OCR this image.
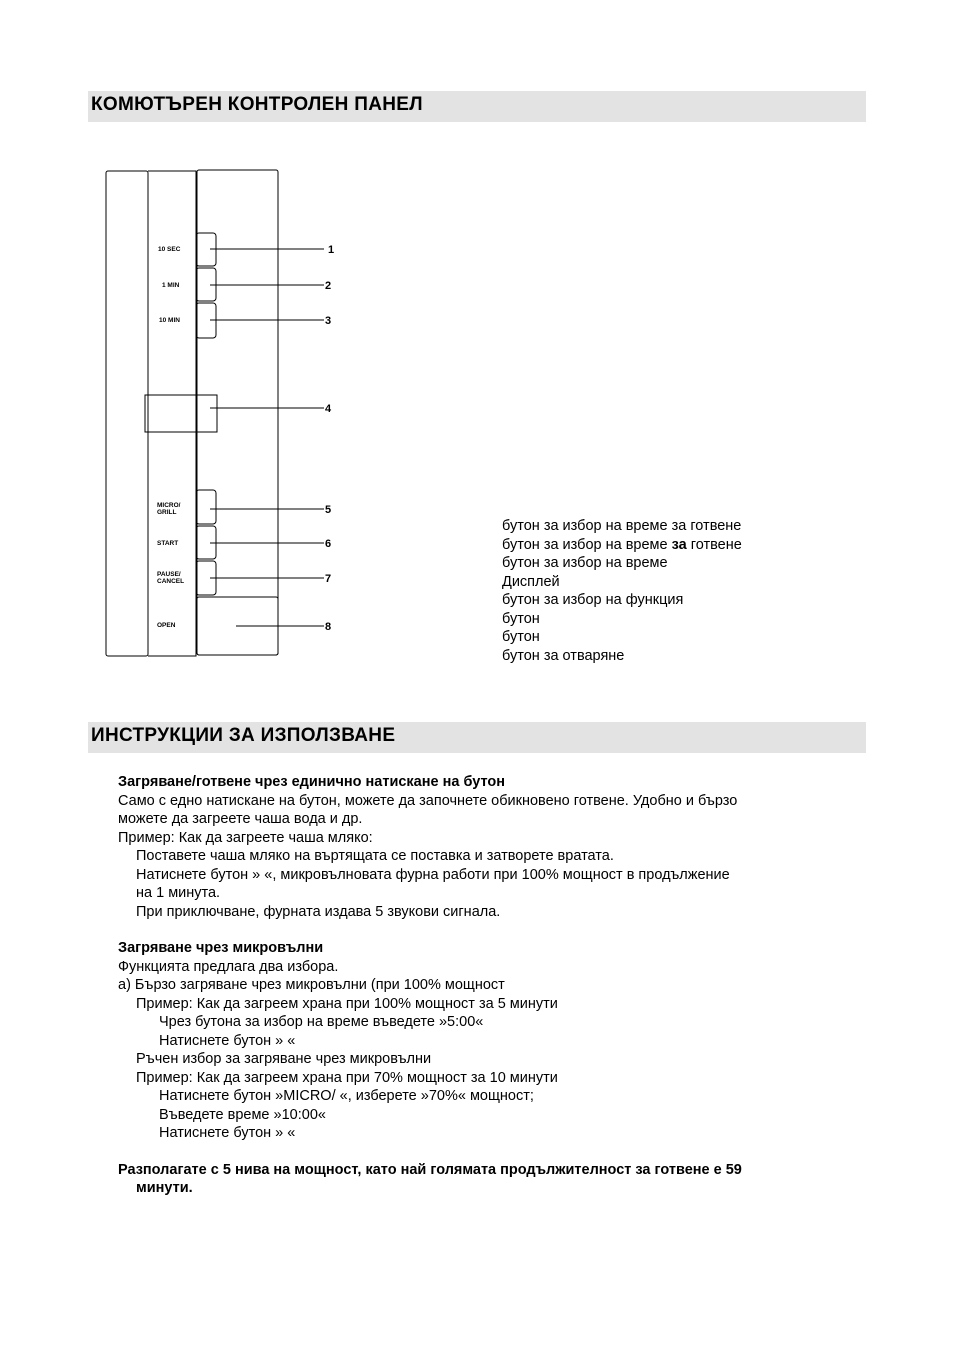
КОМЮТЪРЕН КОНТРОЛЕН ПАНЕЛ
10 SEC
1 MIN
10 MIN
MICRO/
GRILL
START
PAUSE/
CANCEL
OPEN
1
2
3
4
5
6
7
8
бутон за избор на време за готвене
бутон за избор на време за готвене
бутон за избор на време
Дисплей
бутон за избор на функция
бутон
бутон
бутон за отваряне
ИНСТРУКЦИИ ЗА ИЗПОЛЗВАНЕ
Загряване/готвене чрез единично натискане на бутон
Само с едно натискане на бутон, можете да започнете обикновено готвене. Удобно и бързо
можете да загреете чаша вода и др.
Пример: Как да загреете чаша мляко:
Поставете чаша мляко на въртящата се поставка и затворете вратата.
Натиснете бутон » «, микровълновата фурна работи при 100% мощност в продължение
на 1 минута.
При приключване, фурната издава 5 звукови сигнала.
Загряване чрез микровълни
Функцията предлага два избора.
а) Бързо загряване чрез микровълни (при 100% мощност
Пример: Как да загреем храна при 100% мощност за 5 минути
Чрез бутона за избор на време въведете »5:00«
Натиснете бутон » «
Ръчен избор за загряване чрез микровълни
Пример: Как да загреем храна при 70% мощност за 10 минути
Натиснете бутон »MICRO/ «, изберете »70%« мощност;
Въведете време »10:00«
Натиснете бутон » «
Разполагате с 5 нива на мощност, като най голямата продължителност за готвене е 59
минути.
